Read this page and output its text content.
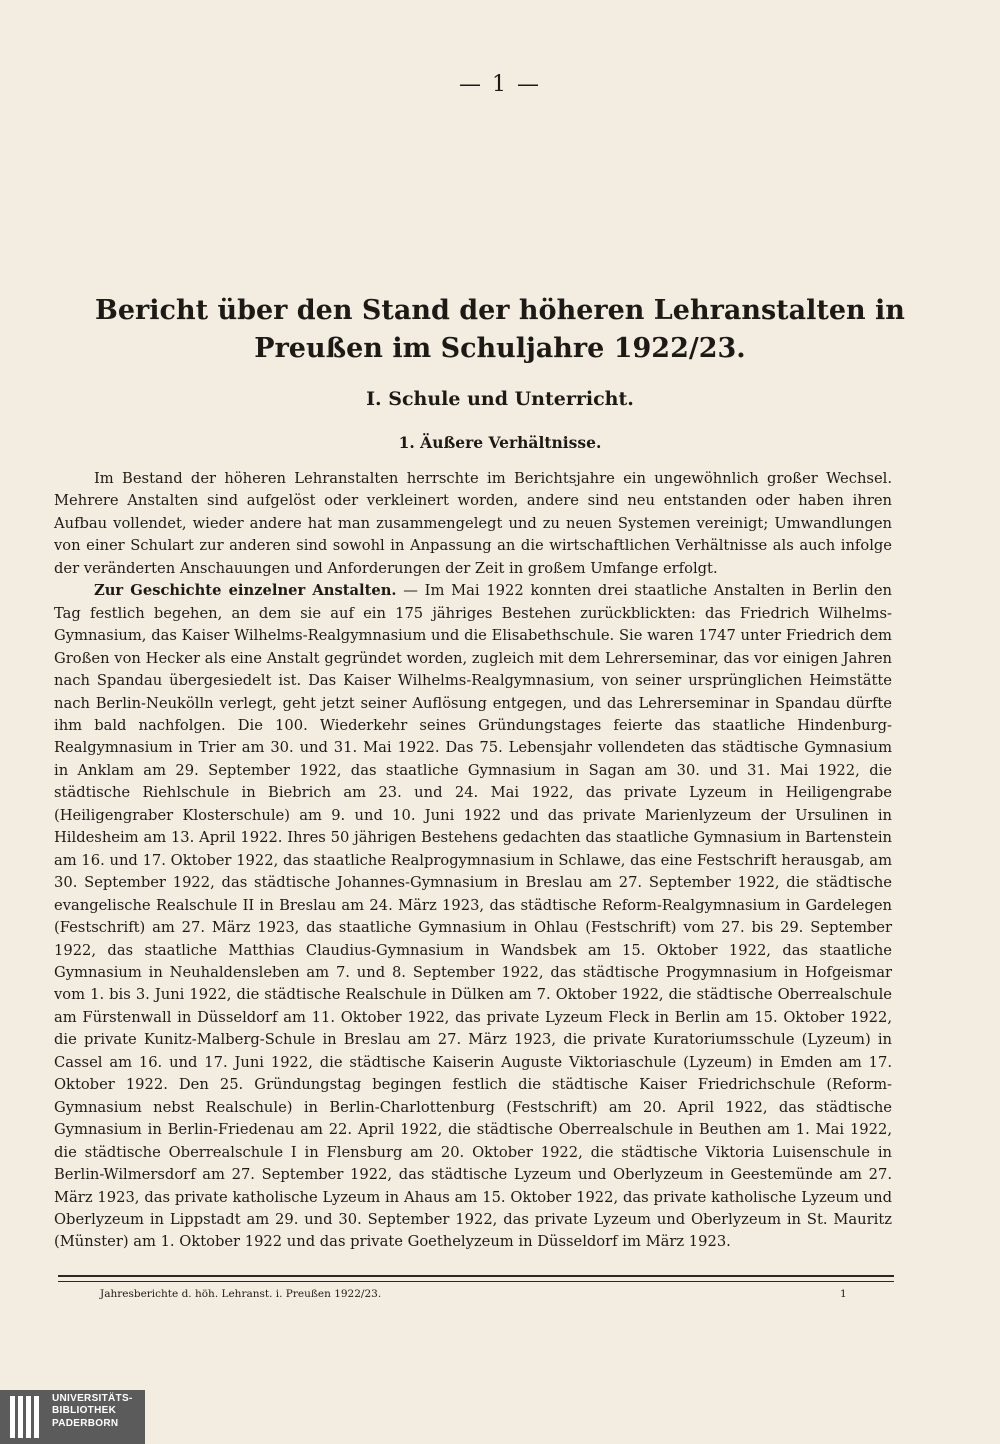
— 1 —
Bericht über den Stand der höheren Lehranstalten in Preußen im Schuljahre 1922/23.
I. Schule und Unterricht.
1. Äußere Verhältnisse.

Im Bestand der höheren Lehranstalten herrschte im Berichtsjahre ein ungewöhnlich großer Wechsel. Mehrere Anstalten sind aufgelöst oder verkleinert worden, andere sind neu entstanden oder haben ihren Aufbau vollendet, wieder andere hat man zusammengelegt und zu neuen Systemen vereinigt; Umwandlungen von einer Schulart zur anderen sind sowohl in Anpassung an die wirtschaftlichen Verhältnisse als auch infolge der veränderten Anschauungen und Anforderungen der Zeit in großem Umfange erfolgt.

Zur Geschichte einzelner Anstalten. — Im Mai 1922 konnten drei staatliche Anstalten in Berlin den Tag festlich begehen, an dem sie auf ein 175 jähriges Bestehen zurückblickten: das Friedrich Wilhelms-Gymnasium, das Kaiser Wilhelms-Realgymnasium und die Elisabethschule. Sie waren 1747 unter Friedrich dem Großen von Hecker als eine Anstalt gegründet worden, zugleich mit dem Lehrerseminar, das vor einigen Jahren nach Spandau übergesiedelt ist. Das Kaiser Wilhelms-Realgymnasium, von seiner ursprünglichen Heimstätte nach Berlin-Neukölln verlegt, geht jetzt seiner Auflösung entgegen, und das Lehrerseminar in Spandau dürfte ihm bald nachfolgen. Die 100. Wiederkehr seines Gründungstages feierte das staatliche Hindenburg-Realgymnasium in Trier am 30. und 31. Mai 1922. Das 75. Lebensjahr vollendeten das städtische Gymnasium in Anklam am 29. September 1922, das staatliche Gymnasium in Sagan am 30. und 31. Mai 1922, die städtische Riehlschule in Biebrich am 23. und 24. Mai 1922, das private Lyzeum in Heiligengrabe (Heiligengraber Klosterschule) am 9. und 10. Juni 1922 und das private Marienlyzeum der Ursulinen in Hildesheim am 13. April 1922. Ihres 50 jährigen Bestehens gedachten das staatliche Gymnasium in Bartenstein am 16. und 17. Oktober 1922, das staatliche Realprogymnasium in Schlawe, das eine Festschrift herausgab, am 30. September 1922, das städtische Johannes-Gymnasium in Breslau am 27. September 1922, die städtische evangelische Realschule II in Breslau am 24. März 1923, das städtische Reform-Realgymnasium in Gardelegen (Festschrift) am 27. März 1923, das staatliche Gymnasium in Ohlau (Festschrift) vom 27. bis 29. September 1922, das staatliche Matthias Claudius-Gymnasium in Wandsbek am 15. Oktober 1922, das staatliche Gymnasium in Neuhaldensleben am 7. und 8. September 1922, das städtische Progymnasium in Hofgeismar vom 1. bis 3. Juni 1922, die städtische Realschule in Dülken am 7. Oktober 1922, die städtische Oberrealschule am Fürstenwall in Düsseldorf am 11. Oktober 1922, das private Lyzeum Fleck in Berlin am 15. Oktober 1922, die private Kunitz-Malberg-Schule in Breslau am 27. März 1923, die private Kuratoriumsschule (Lyzeum) in Cassel am 16. und 17. Juni 1922, die städtische Kaiserin Auguste Viktoriaschule (Lyzeum) in Emden am 17. Oktober 1922. Den 25. Gründungstag begingen festlich die städtische Kaiser Friedrichschule (Reform-Gymnasium nebst Realschule) in Berlin-Charlottenburg (Festschrift) am 20. April 1922, das städtische Gymnasium in Berlin-Friedenau am 22. April 1922, die städtische Oberrealschule in Beuthen am 1. Mai 1922, die städtische Oberrealschule I in Flensburg am 20. Oktober 1922, die städtische Viktoria Luisenschule in Berlin-Wilmersdorf am 27. September 1922, das städtische Lyzeum und Oberlyzeum in Geestemünde am 27. März 1923, das private katholische Lyzeum in Ahaus am 15. Oktober 1922, das private katholische Lyzeum und Oberlyzeum in Lippstadt am 29. und 30. September 1922, das private Lyzeum und Oberlyzeum in St. Mauritz (Münster) am 1. Oktober 1922 und das private Goethelyzeum in Düsseldorf im März 1923.

Jahresberichte d. höh. Lehranst. i. Preußen 1922/23.	1
UNIVERSITÄTS-
BIBLIOTHEK
PADERBORN
